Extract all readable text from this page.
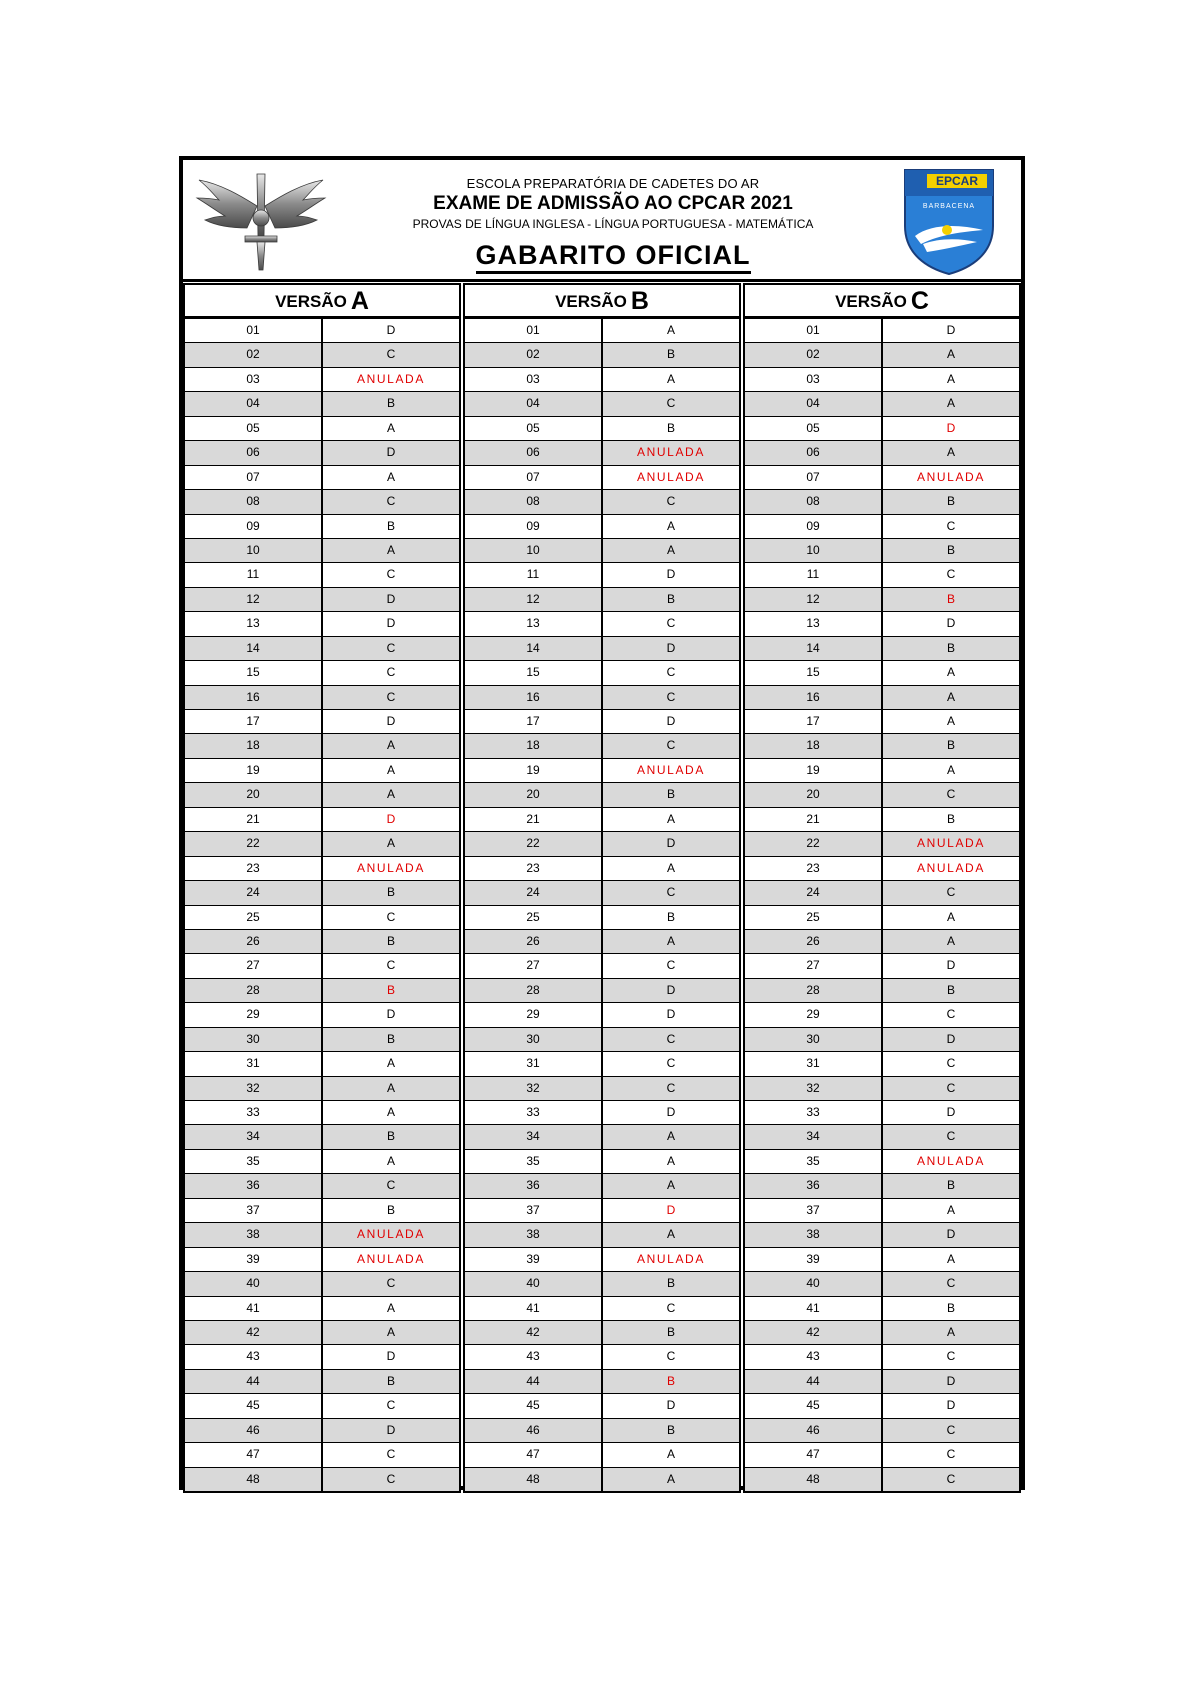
ESCOLA PREPARATÓRIA DE CADETES DO AR
EXAME DE ADMISSÃO AO CPCAR 2021
PROVAS DE LÍNGUA INGLESA - LÍNGUA PORTUGUESA - MATEMÁTICA
GABARITO OFICIAL
EPCAR
BARBACENA
VERSÃO A
01	D
02	C
03	ANULADA
04	B
05	A
06	D
07	A
08	C
09	B
10	A
11	C
12	D
13	D
14	C
15	C
16	C
17	D
18	A
19	A
20	A
21	D
22	A
23	ANULADA
24	B
25	C
26	B
27	C
28	B
29	D
30	B
31	A
32	A
33	A
34	B
35	A
36	C
37	B
38	ANULADA
39	ANULADA
40	C
41	A
42	A
43	D
44	B
45	C
46	D
47	C
48	C
VERSÃO B
01	A
02	B
03	A
04	C
05	B
06	ANULADA
07	ANULADA
08	C
09	A
10	A
11	D
12	B
13	C
14	D
15	C
16	C
17	D
18	C
19	ANULADA
20	B
21	A
22	D
23	A
24	C
25	B
26	A
27	C
28	D
29	D
30	C
31	C
32	C
33	D
34	A
35	A
36	A
37	D
38	A
39	ANULADA
40	B
41	C
42	B
43	C
44	B
45	D
46	B
47	A
48	A
VERSÃO C
01	D
02	A
03	A
04	A
05	D
06	A
07	ANULADA
08	B
09	C
10	B
11	C
12	B
13	D
14	B
15	A
16	A
17	A
18	B
19	A
20	C
21	B
22	ANULADA
23	ANULADA
24	C
25	A
26	A
27	D
28	B
29	C
30	D
31	C
32	C
33	D
34	C
35	ANULADA
36	B
37	A
38	D
39	A
40	C
41	B
42	A
43	C
44	D
45	D
46	C
47	C
48	C
